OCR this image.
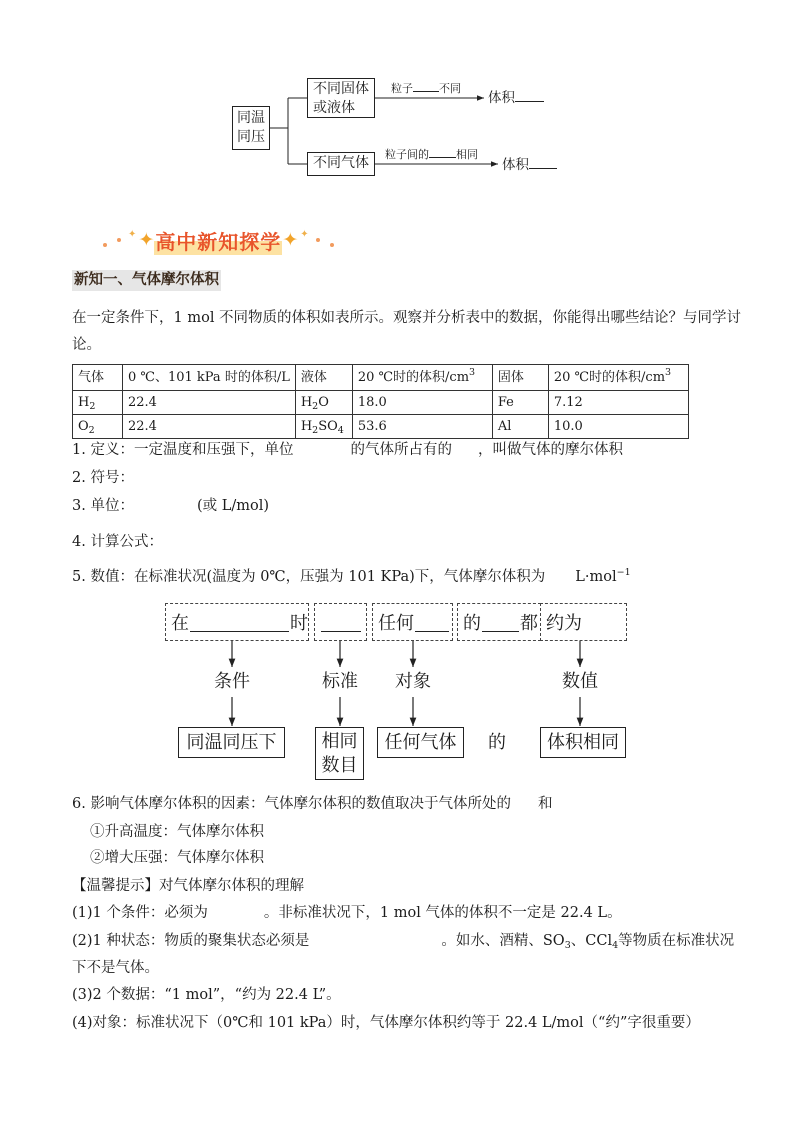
同温
同压
不同固体
或液体
粒子 不同
体积
不同气体
粒子间的 相同
体积
✦
✦
高中新知探学
✦
✦
新知一、气体摩尔体积
在一定条件下，1 mol 不同物质的体积如表所示。观察并分析表中的数据，你能得出哪些结论？与同学讨
论。
气体	0 ℃、101 kPa 时的体积/L	液体	20 ℃时的体积$/cm^3$	固体	20 ℃时的体积$/cm^3$
$H_2$	22.4	$H_2O$	18.0	Fe	7.12
$O_2$	22.4	$H_2SO_4$	53.6	Al	10.0
1. 定义：一定温度和压强下，单位	的气体所占有的 ，叫做气体的摩尔体积
2. 符号：
3. 单位：	(或 L/mol)
4. 计算公式：
5. 数值：在标准状况(温度为 0℃，压强为 101 KPa)下，气体摩尔体积为 L·mol$^{-1}$
在	时	任何	的 都 约为
条件	标准	对象	数值
同温同压下	相同
数目
任何气体 的 体积相同
6. 影响气体摩尔体积的因素：气体摩尔体积的数值取决于气体所处的 和
①升高温度：气体摩尔体积
②增大压强：气体摩尔体积
【温馨提示】对气体摩尔体积的理解
(1)1 个条件：必须为	。非标准状况下，1 mol 气体的体积不一定是 22.4 L。
(2)1 种状态：物质的聚集状态必须是	。如水、酒精、$SO_3$、CCl$_4$等物质在标准状况
下不是气体。
(3)2 个数据：“1 mol”，“约为 22.4 L”。
(4)对象：标准状况下（0℃和 101 kPa）时，气体摩尔体积约等于 22.4 L/mol（“约”字很重要）
